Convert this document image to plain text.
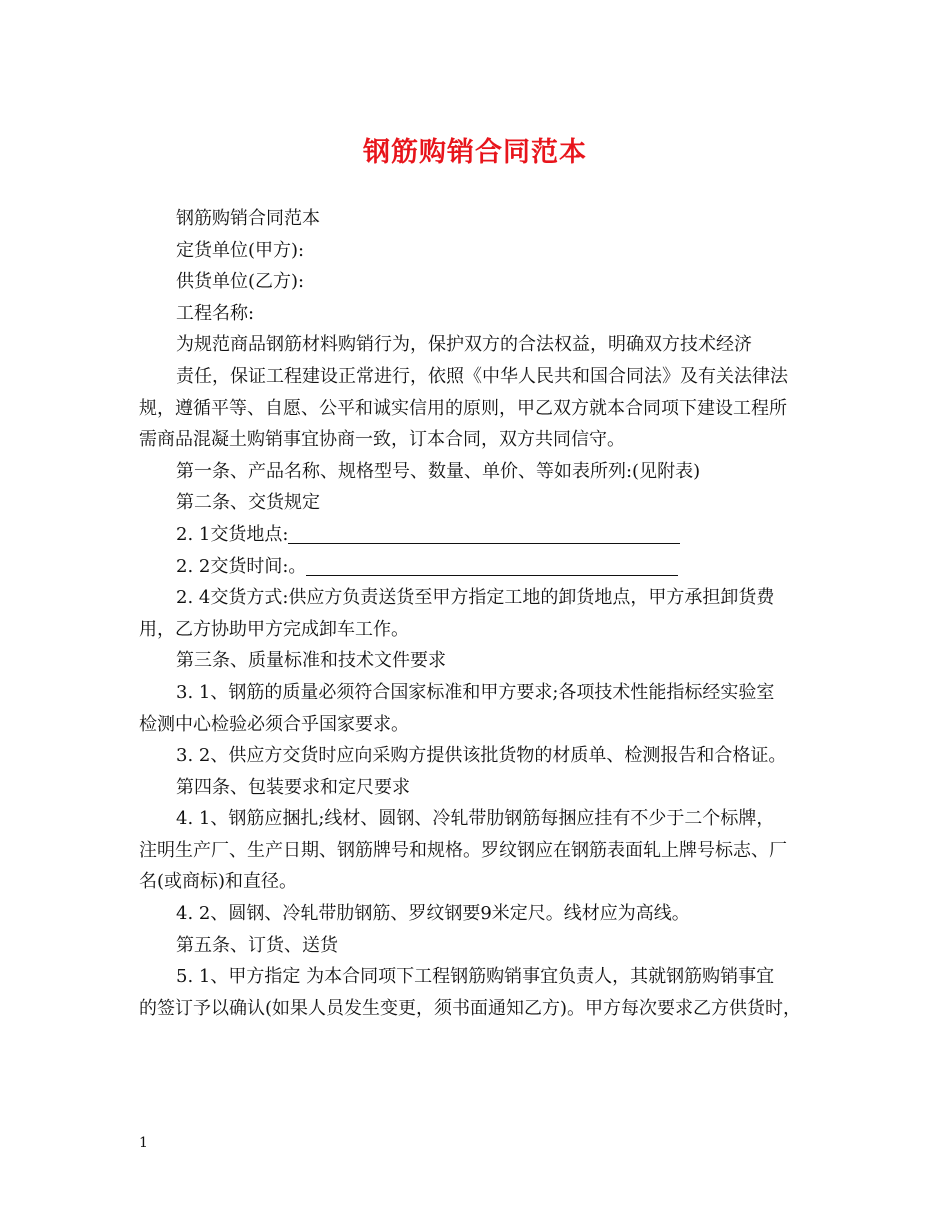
钢筋购销合同范本
钢筋购销合同范本
定货单位(甲方):
供货单位(乙方):
工程名称:
为规范商品钢筋材料购销行为，保护双方的合法权益，明确双方技术经济
责任，保证工程建设正常进行，依照《中华人民共和国合同法》及有关法律法
规，遵循平等、自愿、公平和诚实信用的原则，甲乙双方就本合同项下建设工程所
需商品混凝土购销事宜协商一致，订本合同，双方共同信守。
第一条、产品名称、规格型号、数量、单价、等如表所列:(见附表)
第二条、交货规定
2. 1交货地点:
2. 2交货时间:。
2. 4交货方式:供应方负责送货至甲方指定工地的卸货地点，甲方承担卸货费
用，乙方协助甲方完成卸车工作。
第三条、质量标准和技术文件要求
3. 1、钢筋的质量必须符合国家标准和甲方要求;各项技术性能指标经实验室
检测中心检验必须合乎国家要求。
3. 2、供应方交货时应向采购方提供该批货物的材质单、检测报告和合格证。
第四条、包装要求和定尺要求
4. 1、钢筋应捆扎;线材、圆钢、冷轧带肋钢筋每捆应挂有不少于二个标牌，
注明生产厂、生产日期、钢筋牌号和规格。罗纹钢应在钢筋表面轧上牌号标志、厂
名(或商标)和直径。
4. 2、圆钢、冷轧带肋钢筋、罗纹钢要9米定尺。线材应为高线。
第五条、订货、送货
5. 1、甲方指定 为本合同项下工程钢筋购销事宜负责人，其就钢筋购销事宜
的签订予以确认(如果人员发生变更，须书面通知乙方)。甲方每次要求乙方供货时，
1
